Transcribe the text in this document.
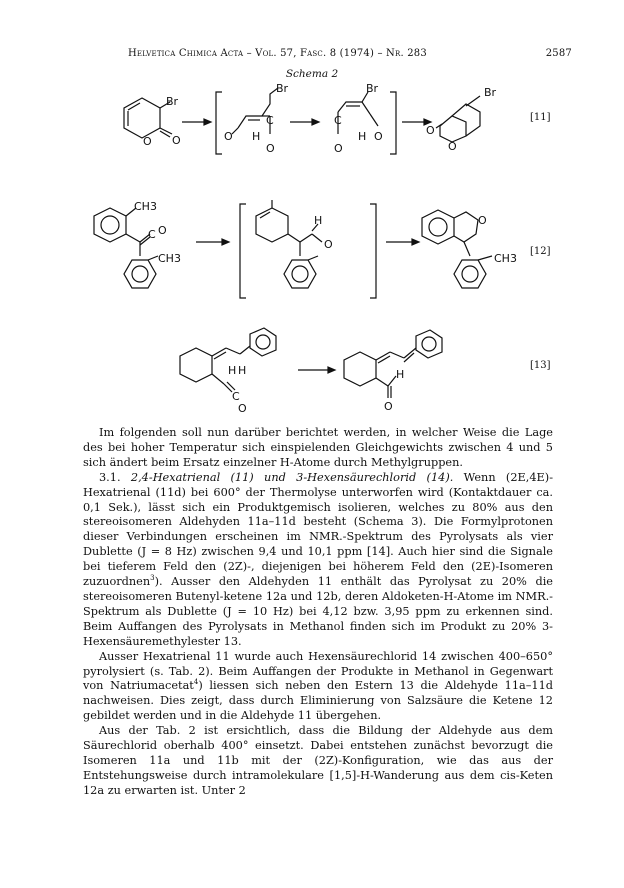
Helvetica Chimica Acta – Vol. 57, Fasc. 8 (1974) – Nr. 283	2587
Schema 2
Br
O O
Br
O H
C
O
Br
C
H O
O
Br
O
O
[11]
CH3
C O
CH3
H
O
O
CH3
[12]
H H
C
O
H
O
[13]

Im folgenden soll nun darüber berichtet werden, in welcher Weise die Lage des bei hoher Temperatur sich einspielenden Gleichgewichts zwischen 4 und 5 sich ändert beim Ersatz einzelner H-Atome durch Methylgruppen.

3.1. 2,4-Hexatrienal (11) und 3-Hexensäurechlorid (14). Wenn (2E,4E)-Hexatrienal (11d) bei 600° der Thermolyse unterworfen wird (Kontaktdauer ca. 0,1 Sek.), lässt sich ein Produktgemisch isolieren, welches zu 80% aus den stereoisomeren Aldehyden 11a–11d besteht (Schema 3). Die Formylprotonen dieser Verbindungen erscheinen im NMR.-Spektrum des Pyrolysats als vier Dublette (J = 8 Hz) zwischen 9,4 und 10,1 ppm [14]. Auch hier sind die Signale bei tieferem Feld den (2Z)-, diejenigen bei höherem Feld den (2E)-Isomeren zuzuordnen$^3$). Ausser den Aldehyden 11 enthält das Pyrolysat zu 20% die stereoisomeren Butenyl-ketene 12a und 12b, deren Aldoketen-H-Atome im NMR.-Spektrum als Dublette (J = 10 Hz) bei 4,12 bzw. 3,95 ppm zu erkennen sind. Beim Auffangen des Pyrolysats in Methanol finden sich im Produkt zu 20% 3-Hexensäuremethylester 13.

Ausser Hexatrienal 11 wurde auch Hexensäurechlorid 14 zwischen 400–650° pyrolysiert (s. Tab. 2). Beim Auffangen der Produkte in Methanol in Gegenwart von Natriumacetat$^4$) liessen sich neben den Estern 13 die Aldehyde 11a–11d nachweisen. Dies zeigt, dass durch Eliminierung von Salzsäure die Ketene 12 gebildet werden und in die Aldehyde 11 übergehen.

Aus der Tab. 2 ist ersichtlich, dass die Bildung der Aldehyde aus dem Säurechlorid oberhalb 400° einsetzt. Dabei entstehen zunächst bevorzugt die Isomeren 11a und 11b mit der (2Z)-Konfiguration, wie das aus der Entstehungsweise durch intramolekulare [1,5]-H-Wanderung aus dem cis-Keten 12a zu erwarten ist. Unter 2
